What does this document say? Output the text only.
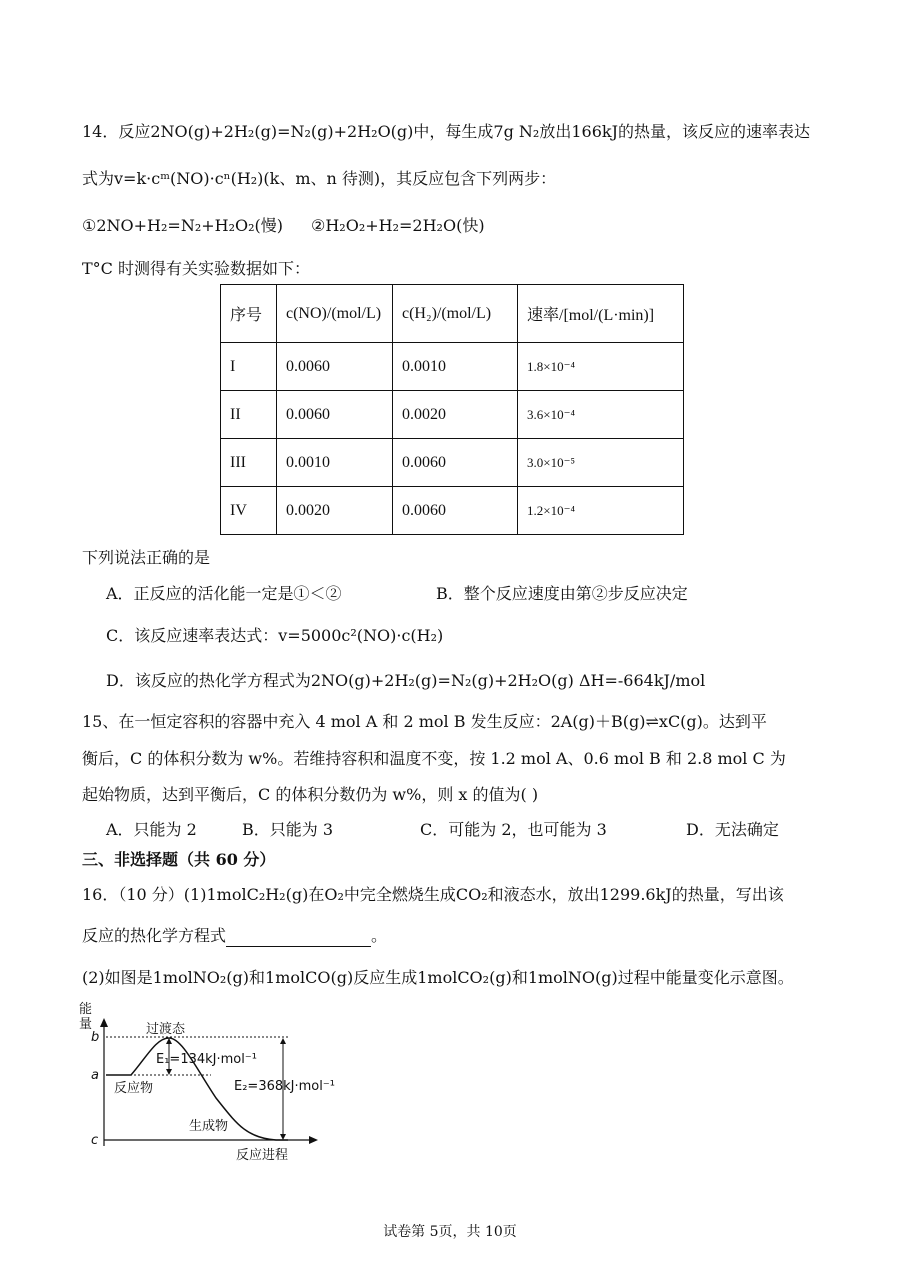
14．反应2NO(g)+2H₂(g)=N₂(g)+2H₂O(g)中，每生成7g N₂放出166kJ的热量，该反应的速率表达
式为v=k·cᵐ(NO)·cⁿ(H₂)(k、m、n 待测)，其反应包含下列两步：
①2NO+H₂=N₂+H₂O₂(慢) ②H₂O₂+H₂=2H₂O(快)
T°C 时测得有关实验数据如下：
序号	c(NO)/(mol/L)	c(H₂)/(mol/L)	速率/[mol/(L·min)]
I	0.0060	0.0010	1.8×10⁻⁴
II	0.0060	0.0020	3.6×10⁻⁴
III	0.0010	0.0060	3.0×10⁻⁵
IV	0.0020	0.0060	1.2×10⁻⁴
下列说法正确的是
A．正反应的活化能一定是①＜②	B．整个反应速度由第②步反应决定
C．该反应速率表达式：v=5000c²(NO)·c(H₂)
D．该反应的热化学方程式为2NO(g)+2H₂(g)=N₂(g)+2H₂O(g) ΔH=-664kJ/mol
15、在一恒定容积的容器中充入 4 mol A 和 2 mol B 发生反应：2A(g)＋B(g)⇌xC(g)。达到平
衡后，C 的体积分数为 w%。若维持容积和温度不变，按 1.2 mol A、0.6 mol B 和 2.8 mol C 为
起始物质，达到平衡后，C 的体积分数仍为 w%，则 x 的值为( )
A．只能为 2	B．只能为 3	C．可能为 2，也可能为 3	D．无法确定
三、非选择题（共 60 分）
16．（10 分）(1)1molC₂H₂(g)在O₂中完全燃烧生成CO₂和液态水，放出1299.6kJ的热量，写出该
反应的热化学方程式	。
(2)如图是1molNO₂(g)和1molCO(g)反应生成1molCO₂(g)和1molNO(g)过程中能量变化示意图。
能
量
b
a
c
过渡态
E₁=134kJ·mol⁻¹
反应物	E₂=368kJ·mol⁻¹
生成物
反应进程
试卷第 5页，共 10页
